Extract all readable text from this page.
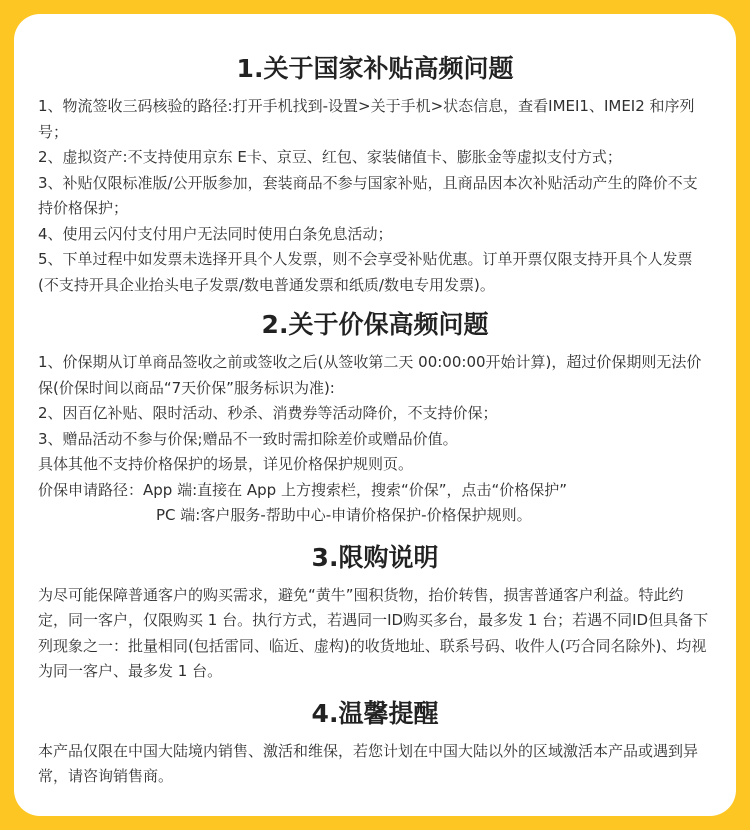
1.关于国家补贴高频问题

1、物流签收三码核验的路径:打开手机找到-设置>关于手机>状态信息，查看IMEI1、IMEI2 和序列号；

2、虚拟资产:不支持使用京东 E卡、京豆、红包、家装储值卡、膨胀金等虚拟支付方式；

3、补贴仅限标准版/公开版参加，套装商品不参与国家补贴，且商品因本次补贴活动产生的降价不支持价格保护；

4、使用云闪付支付用户无法同时使用白条免息活动；

5、下单过程中如发票未选择开具个人发票，则不会享受补贴优惠。订单开票仅限支持开具个人发票(不支持开具企业抬头电子发票/数电普通发票和纸质/数电专用发票)。

2.关于价保高频问题

1、价保期从订单商品签收之前或签收之后(从签收第二天 00:00:00开始计算)，超过价保期则无法价保(价保时间以商品“7天价保”服务标识为准):

2、因百亿补贴、限时活动、秒杀、消费券等活动降价，不支持价保；

3、赠品活动不参与价保;赠品不一致时需扣除差价或赠品价值。

具体其他不支持价格保护的场景，详见价格保护规则页。

价保申请路径：App 端:直接在 App 上方搜索栏，搜索“价保”，点击“价格保护”

PC 端:客户服务-帮助中心-申请价格保护-价格保护规则。

3.限购说明

为尽可能保障普通客户的购买需求，避免“黄牛”囤积货物，抬价转售，损害普通客户利益。特此约定，同一客户，仅限购买 1 台。执行方式，若遇同一ID购买多台，最多发 1 台；若遇不同ID但具备下列现象之一：批量相同(包括雷同、临近、虚构)的收货地址、联系号码、收件人(巧合同名除外)、均视为同一客户、最多发 1 台。

4.温馨提醒

本产品仅限在中国大陆境内销售、激活和维保，若您计划在中国大陆以外的区域激活本产品或遇到异常，请咨询销售商。
